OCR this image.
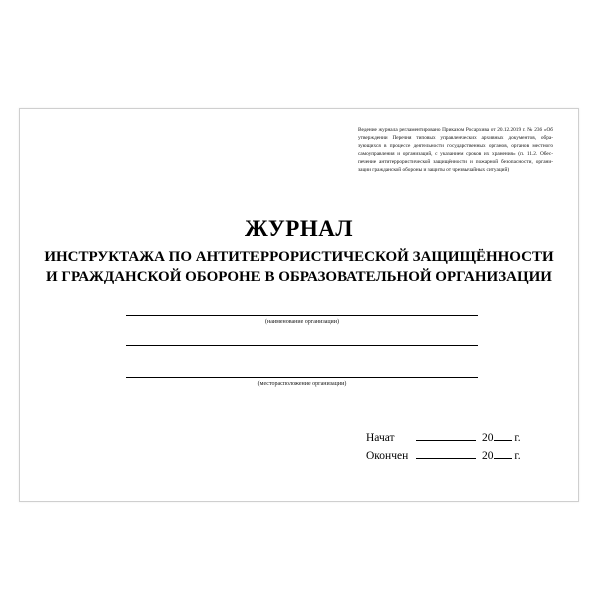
Ведение журнала регламентировано Приказом Росархива от 20.12.2019 г. № 236 «Об утверждении Перечня типовых управленческих архивных документов, обра- зующихся в процессе деятельности государственных органов, органов местного самоуправления и организаций, с указанием сроков их хранения» (п. 11.2. Обес- печение антитеррористической защищённости и пожарной безопасности, органи- зации гражданской обороны и защиты от чрезвычайных ситуаций)
ЖУРНАЛ
ИНСТРУКТАЖА ПО АНТИТЕРРОРИСТИЧЕСКОЙ ЗАЩИЩЁННОСТИ
И ГРАЖДАНСКОЙ ОБОРОНЕ В ОБРАЗОВАТЕЛЬНОЙ ОРГАНИЗАЦИИ
(наименование организации)
(месторасположение организации)
Начат	20 г.
Окончен	20 г.
